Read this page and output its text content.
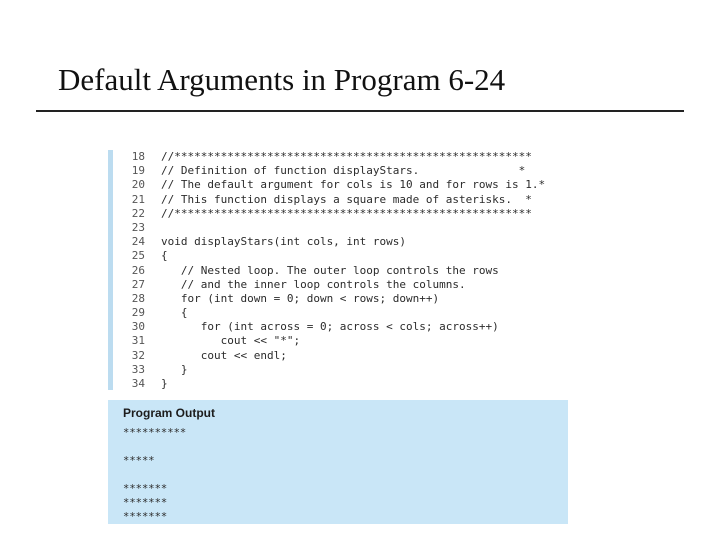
Default Arguments in Program 6-24
18 //******************************************************
19 // Definition of function displayStars.               *
20 // The default argument for cols is 10 and for rows is 1.*
21 // This function displays a square made of asterisks.  *
22 //******************************************************
23
24 void displayStars(int cols, int rows)
25 {
26   // Nested loop. The outer loop controls the rows
27   // and the inner loop controls the columns.
28   for (int down = 0; down < rows; down++)
29   {
30      for (int across = 0; across < cols; across++)
31         cout << "*";
32      cout << endl;
33   }
34 }
Program Output
**********
*****
*******
*******
*******
